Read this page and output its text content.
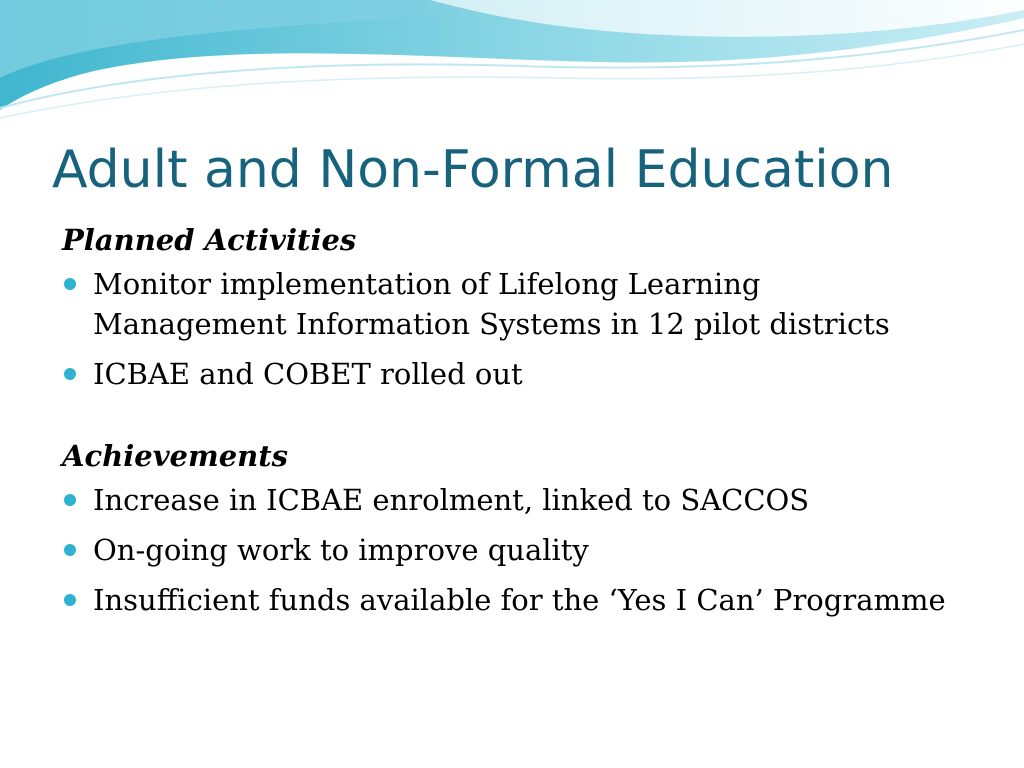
Adult and Non-Formal Education

Planned Activities

Monitor implementation of Lifelong Learning Management Information Systems in 12 pilot districts
ICBAE and COBET rolled out

Achievements

Increase in ICBAE enrolment, linked to SACCOS
On-going work to improve quality
Insufficient funds available for the ‘Yes I Can’ Programme
